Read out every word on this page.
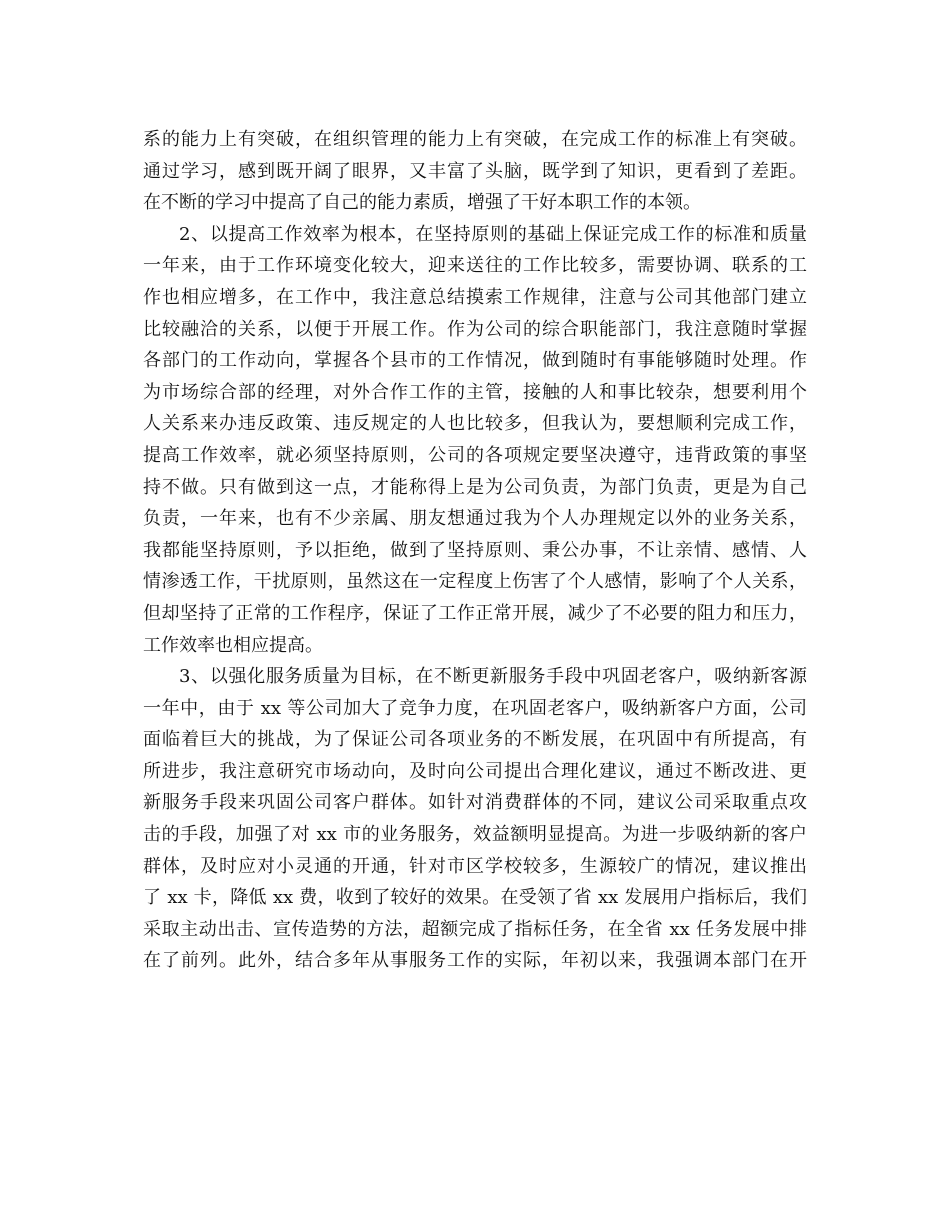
系的能力上有突破，在组织管理的能力上有突破，在完成工作的标准上有突破。
通过学习，感到既开阔了眼界，又丰富了头脑，既学到了知识，更看到了差距。
在不断的学习中提高了自己的能力素质，增强了干好本职工作的本领。
2、以提高工作效率为根本，在坚持原则的基础上保证完成工作的标准和质量
一年来，由于工作环境变化较大，迎来送往的工作比较多，需要协调、联系的工
作也相应增多，在工作中，我注意总结摸索工作规律，注意与公司其他部门建立
比较融洽的关系，以便于开展工作。作为公司的综合职能部门，我注意随时掌握
各部门的工作动向，掌握各个县市的工作情况，做到随时有事能够随时处理。作
为市场综合部的经理，对外合作工作的主管，接触的人和事比较杂，想要利用个
人关系来办违反政策、违反规定的人也比较多，但我认为，要想顺利完成工作，
提高工作效率，就必须坚持原则，公司的各项规定要坚决遵守，违背政策的事坚
持不做。只有做到这一点，才能称得上是为公司负责，为部门负责，更是为自己
负责，一年来，也有不少亲属、朋友想通过我为个人办理规定以外的业务关系，
我都能坚持原则，予以拒绝，做到了坚持原则、秉公办事，不让亲情、感情、人
情渗透工作，干扰原则，虽然这在一定程度上伤害了个人感情，影响了个人关系，
但却坚持了正常的工作程序，保证了工作正常开展，减少了不必要的阻力和压力，
工作效率也相应提高。
3、以强化服务质量为目标，在不断更新服务手段中巩固老客户，吸纳新客源
一年中，由于 xx 等公司加大了竞争力度，在巩固老客户，吸纳新客户方面，公司
面临着巨大的挑战，为了保证公司各项业务的不断发展，在巩固中有所提高，有
所进步，我注意研究市场动向，及时向公司提出合理化建议，通过不断改进、更
新服务手段来巩固公司客户群体。如针对消费群体的不同，建议公司采取重点攻
击的手段，加强了对 xx 市的业务服务，效益额明显提高。为进一步吸纳新的客户
群体，及时应对小灵通的开通，针对市区学校较多，生源较广的情况，建议推出
了 xx 卡，降低 xx 费，收到了较好的效果。在受领了省 xx 发展用户指标后，我们
采取主动出击、宣传造势的方法，超额完成了指标任务，在全省 xx 任务发展中排
在了前列。此外，结合多年从事服务工作的实际，年初以来，我强调本部门在开
